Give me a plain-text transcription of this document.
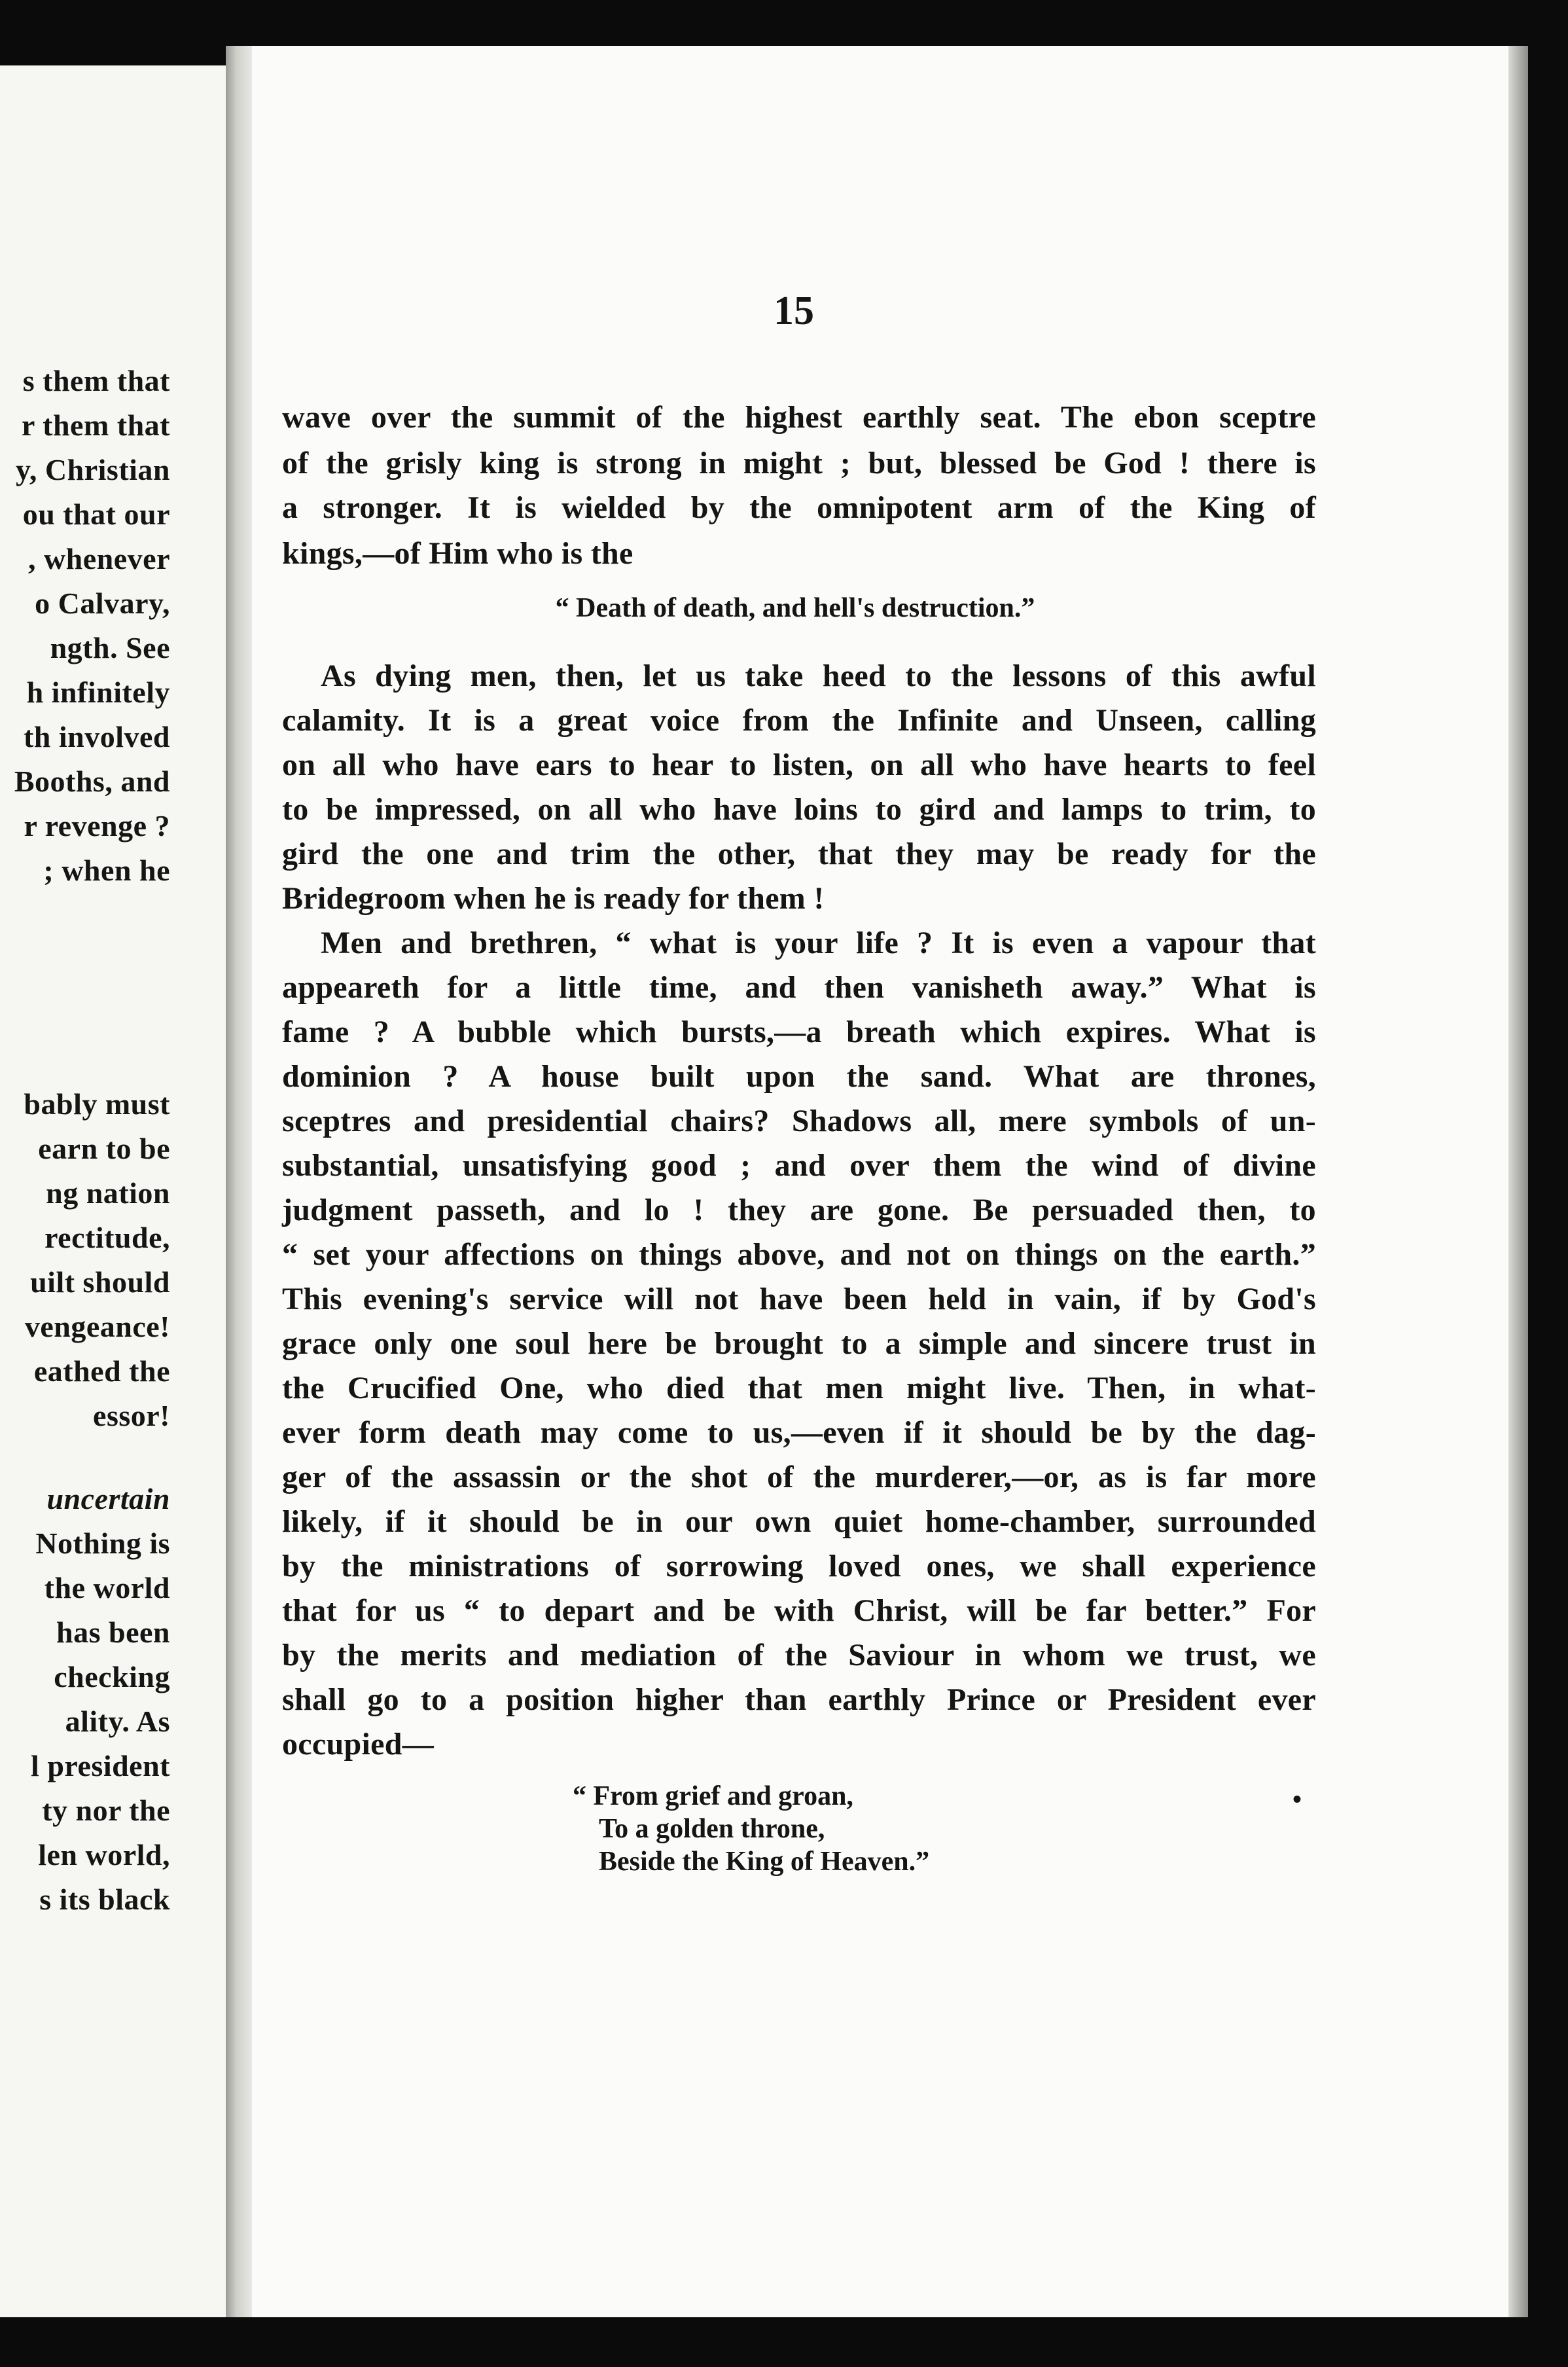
s them that
r them that
y, Christian
ou that our
, whenever
o Calvary,
ngth. See
h infinitely
th involved
Booths, and
r revenge ?
; when he
bably must
earn to be
ng nation
rectitude,
uilt should
vengeance!
eathed the
essor!
uncertain
Nothing is
the world
has been
checking
ality. As
l president
ty nor the
len world,
s its black
15
wave over the summit of the highest earthly seat. The ebon sceptre
of the grisly king is strong in might ; but, blessed be God ! there is
a stronger. It is wielded by the omnipotent arm of the King of
kings,—of Him who is the
“ Death of death, and hell's destruction.”
As dying men, then, let us take heed to the lessons of this awful
calamity. It is a great voice from the Infinite and Unseen, calling
on all who have ears to hear to listen, on all who have hearts to feel
to be impressed, on all who have loins to gird and lamps to trim, to
gird the one and trim the other, that they may be ready for the
Bridegroom when he is ready for them !
Men and brethren, “ what is your life ? It is even a vapour that
appeareth for a little time, and then vanisheth away.” What is
fame ? A bubble which bursts,—a breath which expires. What is
dominion ? A house built upon the sand. What are thrones,
sceptres and presidential chairs? Shadows all, mere symbols of un-
substantial, unsatisfying good ; and over them the wind of divine
judgment passeth, and lo ! they are gone. Be persuaded then, to
“ set your affections on things above, and not on things on the earth.”
This evening's service will not have been held in vain, if by God's
grace only one soul here be brought to a simple and sincere trust in
the Crucified One, who died that men might live. Then, in what-
ever form death may come to us,—even if it should be by the dag-
ger of the assassin or the shot of the murderer,—or, as is far more
likely, if it should be in our own quiet home-chamber, surrounded
by the ministrations of sorrowing loved ones, we shall experience
that for us “ to depart and be with Christ, will be far better.” For
by the merits and mediation of the Saviour in whom we trust, we
shall go to a position higher than earthly Prince or President ever
occupied—
“ From grief and groan,
To a golden throne,
Beside the King of Heaven.”
•
